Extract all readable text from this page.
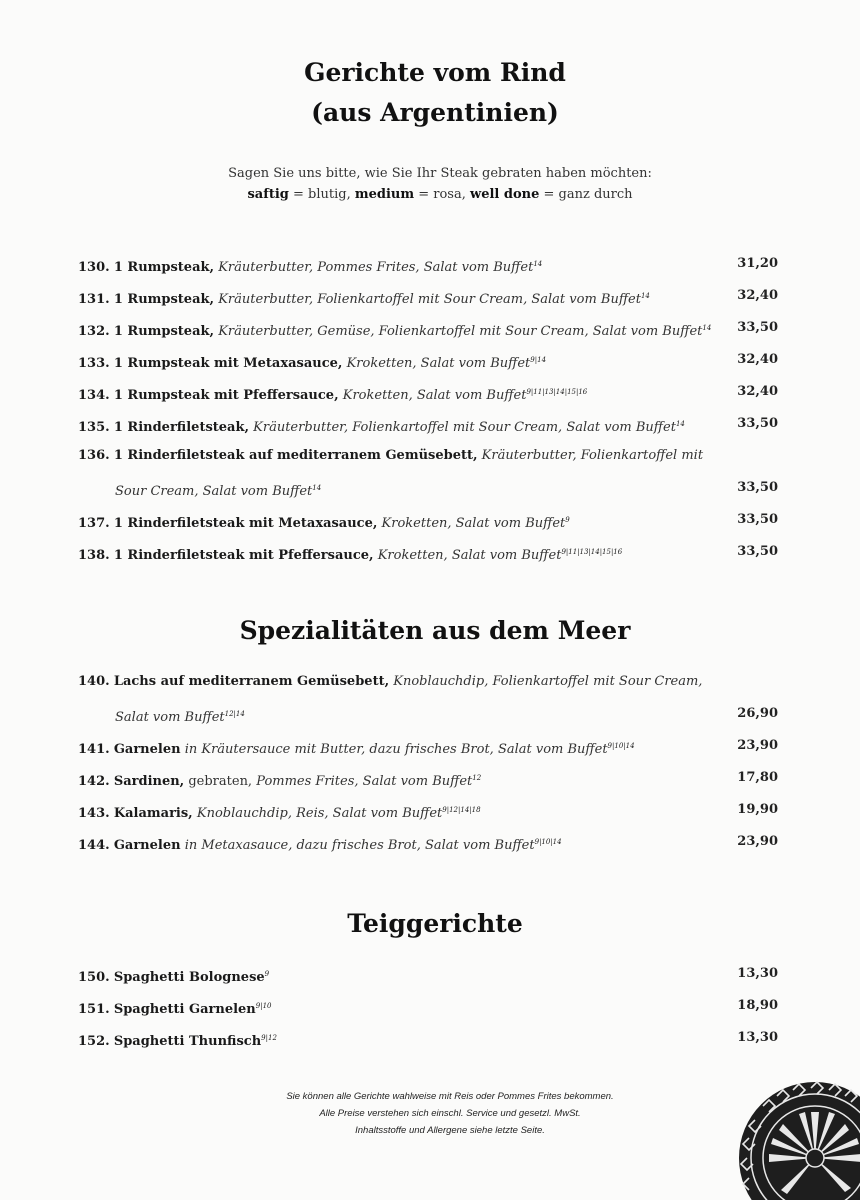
Gerichte vom Rind
(aus Argentinien)
Sagen Sie uns bitte, wie Sie Ihr Steak gebraten haben möchten:
saftig = blutig, medium = rosa, well done = ganz durch
130. 1 Rumpsteak, Kräuterbutter, Pommes Frites, Salat vom Buffet$^{14}$	31,20
131. 1 Rumpsteak, Kräuterbutter, Folienkartoffel mit Sour Cream, Salat vom Buffet$^{14}$	32,40
132. 1 Rumpsteak, Kräuterbutter, Gemüse, Folienkartoffel mit Sour Cream, Salat vom Buffet$^{14}$ 33,50
133. 1 Rumpsteak mit Metaxasauce, Kroketten, Salat vom Buffet$^{9|14}$	32,40
134. 1 Rumpsteak mit Pfeffersauce, Kroketten, Salat vom Buffet$^{9|11|13|14|15|16}$	32,40
135. 1 Rinderfiletsteak, Kräuterbutter, Folienkartoffel mit Sour Cream, Salat vom Buffet$^{14}$	33,50
136. 1 Rinderfiletsteak auf mediterranem Gemüsebett, Kräuterbutter, Folienkartoffel mit
Sour Cream, Salat vom Buffet$^{14}$	33,50
137. 1 Rinderfiletsteak mit Metaxasauce, Kroketten, Salat vom Buffet$^9$	33,50
138. 1 Rinderfiletsteak mit Pfeffersauce, Kroketten, Salat vom Buffet$^{9|11|13|14|15|16}$	33,50
Spezialitäten aus dem Meer
140. Lachs auf mediterranem Gemüsebett, Knoblauchdip, Folienkartoffel mit Sour Cream,
Salat vom Buffet$^{12|14}$	26,90
141. Garnelen in Kräutersauce mit Butter, dazu frisches Brot, Salat vom Buffet$^{9|10|14}$	23,90
142. Sardinen, gebraten, Pommes Frites, Salat vom Buffet$^{12}$	17,80
143. Kalamaris, Knoblauchdip, Reis, Salat vom Buffet$^{9|12|14|18}$	19,90
144. Garnelen in Metaxasauce, dazu frisches Brot, Salat vom Buffet$^{9|10|14}$	23,90
Teiggerichte
150. Spaghetti Bolognese$^9$	13,30
151. Spaghetti Garnelen$^{9|10}$	18,90
152. Spaghetti Thunfisch$^{9|12}$	13,30
Sie können alle Gerichte wahlweise mit Reis oder Pommes Frites bekommen.
Alle Preise verstehen sich einschl. Service und gesetzl. MwSt.
Inhaltsstoffe und Allergene siehe letzte Seite.
